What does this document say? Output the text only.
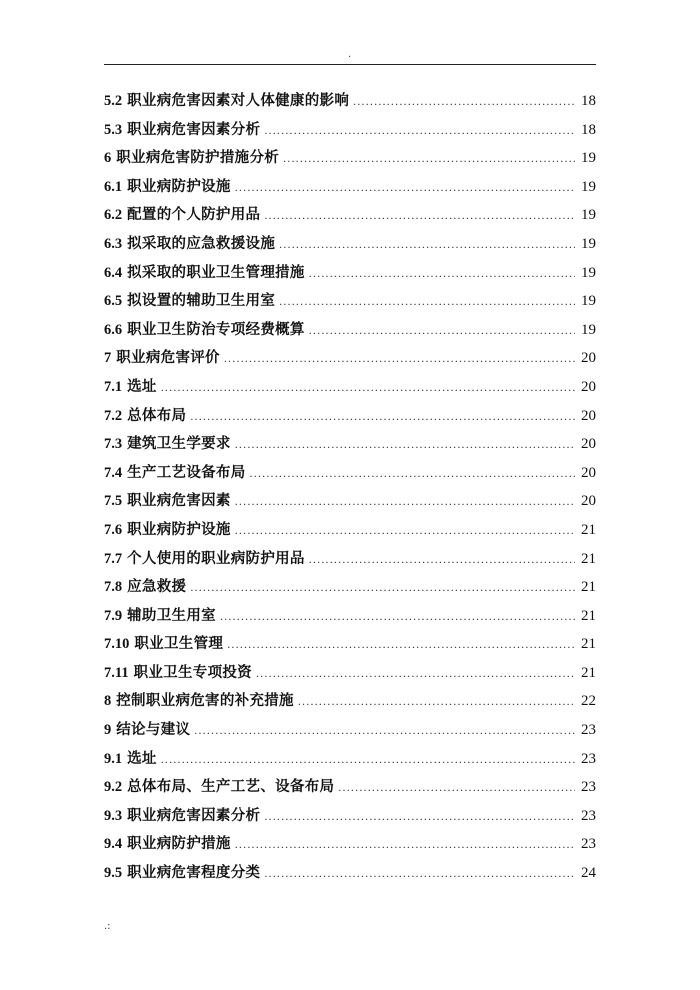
.
5.2 职业病危害因素对人体健康的影响 .....	18
5.3 职业病危害因素分析 .....	18
6 职业病危害防护措施分析 .....	19
6.1 职业病防护设施 .....	19
6.2 配置的个人防护用品 .....	19
6.3 拟采取的应急救援设施 .....	19
6.4 拟采取的职业卫生管理措施 .....	19
6.5 拟设置的辅助卫生用室 .....	19
6.6 职业卫生防治专项经费概算 .....	19
7 职业病危害评价 .....	20
7.1 选址 .....	20
7.2 总体布局 .....	20
7.3 建筑卫生学要求 .....	20
7.4 生产工艺设备布局 .....	20
7.5 职业病危害因素 .....	20
7.6 职业病防护设施 .....	21
7.7 个人使用的职业病防护用品 .....	21
7.8 应急救援 .....	21
7.9 辅助卫生用室 .....	21
7.10 职业卫生管理 .....	21
7.11 职业卫生专项投资 .....	21
8 控制职业病危害的补充措施 .....	22
9 结论与建议 .....	23
9.1 选址 .....	23
9.2 总体布局、生产工艺、设备布局 .....	23
9.3 职业病危害因素分析 .....	23
9.4 职业病防护措施 .....	23
9.5 职业病危害程度分类 .....	24
.:
